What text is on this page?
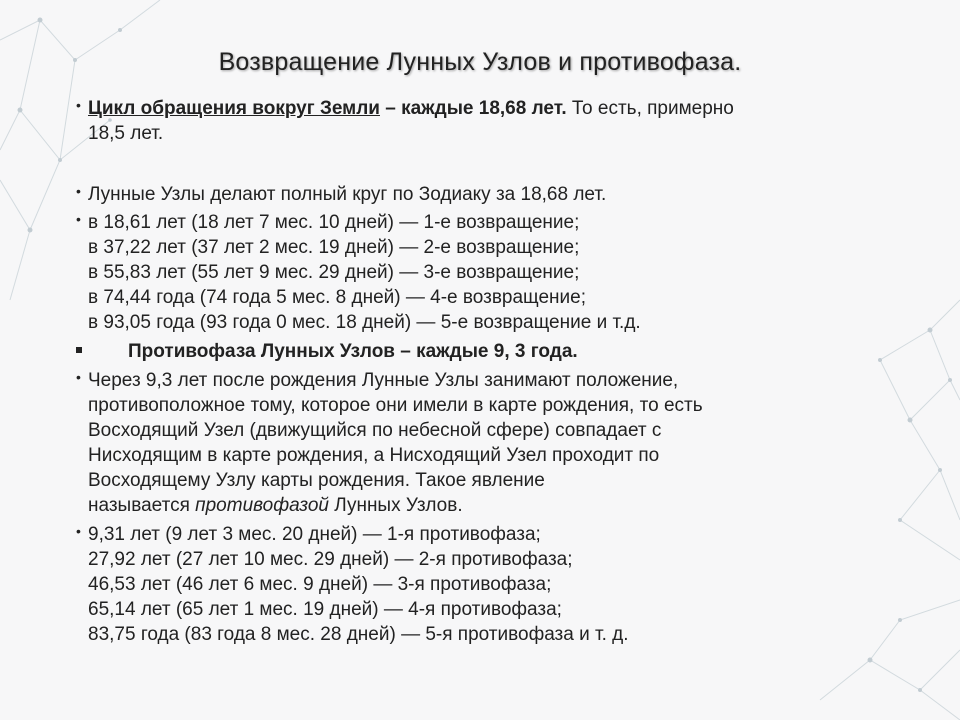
Возвращение Лунных Узлов и противофаза.
• Цикл обращения вокруг Земли – каждые 18,68 лет. То есть, примерно
18,5 лет.
• Лунные Узлы делают полный круг по Зодиаку за 18,68 лет.
• в 18,61 лет (18 лет 7 мес. 10 дней) — 1-е возвращение;
в 37,22 лет (37 лет 2 мес. 19 дней) — 2-е возвращение;
в 55,83 лет (55 лет 9 мес. 29 дней) — 3-е возвращение;
в 74,44 года (74 года 5 мес. 8 дней) — 4-е возвращение;
в 93,05 года (93 года 0 мес. 18 дней) — 5-е возвращение и т.д.
Противофаза Лунных Узлов – каждые 9, 3 года.
• Через 9,3 лет после рождения Лунные Узлы занимают положение,
противоположное тому, которое они имели в карте рождения, то есть
Восходящий Узел (движущийся по небесной сфере) совпадает с
Нисходящим в карте рождения, а Нисходящий Узел проходит по
Восходящему Узлу карты рождения. Такое явление
называется противофазой Лунных Узлов.
• 9,31 лет (9 лет 3 мес. 20 дней) — 1-я противофаза;
27,92 лет (27 лет 10 мес. 29 дней) — 2-я противофаза;
46,53 лет (46 лет 6 мес. 9 дней) — 3-я противофаза;
65,14 лет (65 лет 1 мес. 19 дней) — 4-я противофаза;
83,75 года (83 года 8 мес. 28 дней) — 5-я противофаза и т. д.
